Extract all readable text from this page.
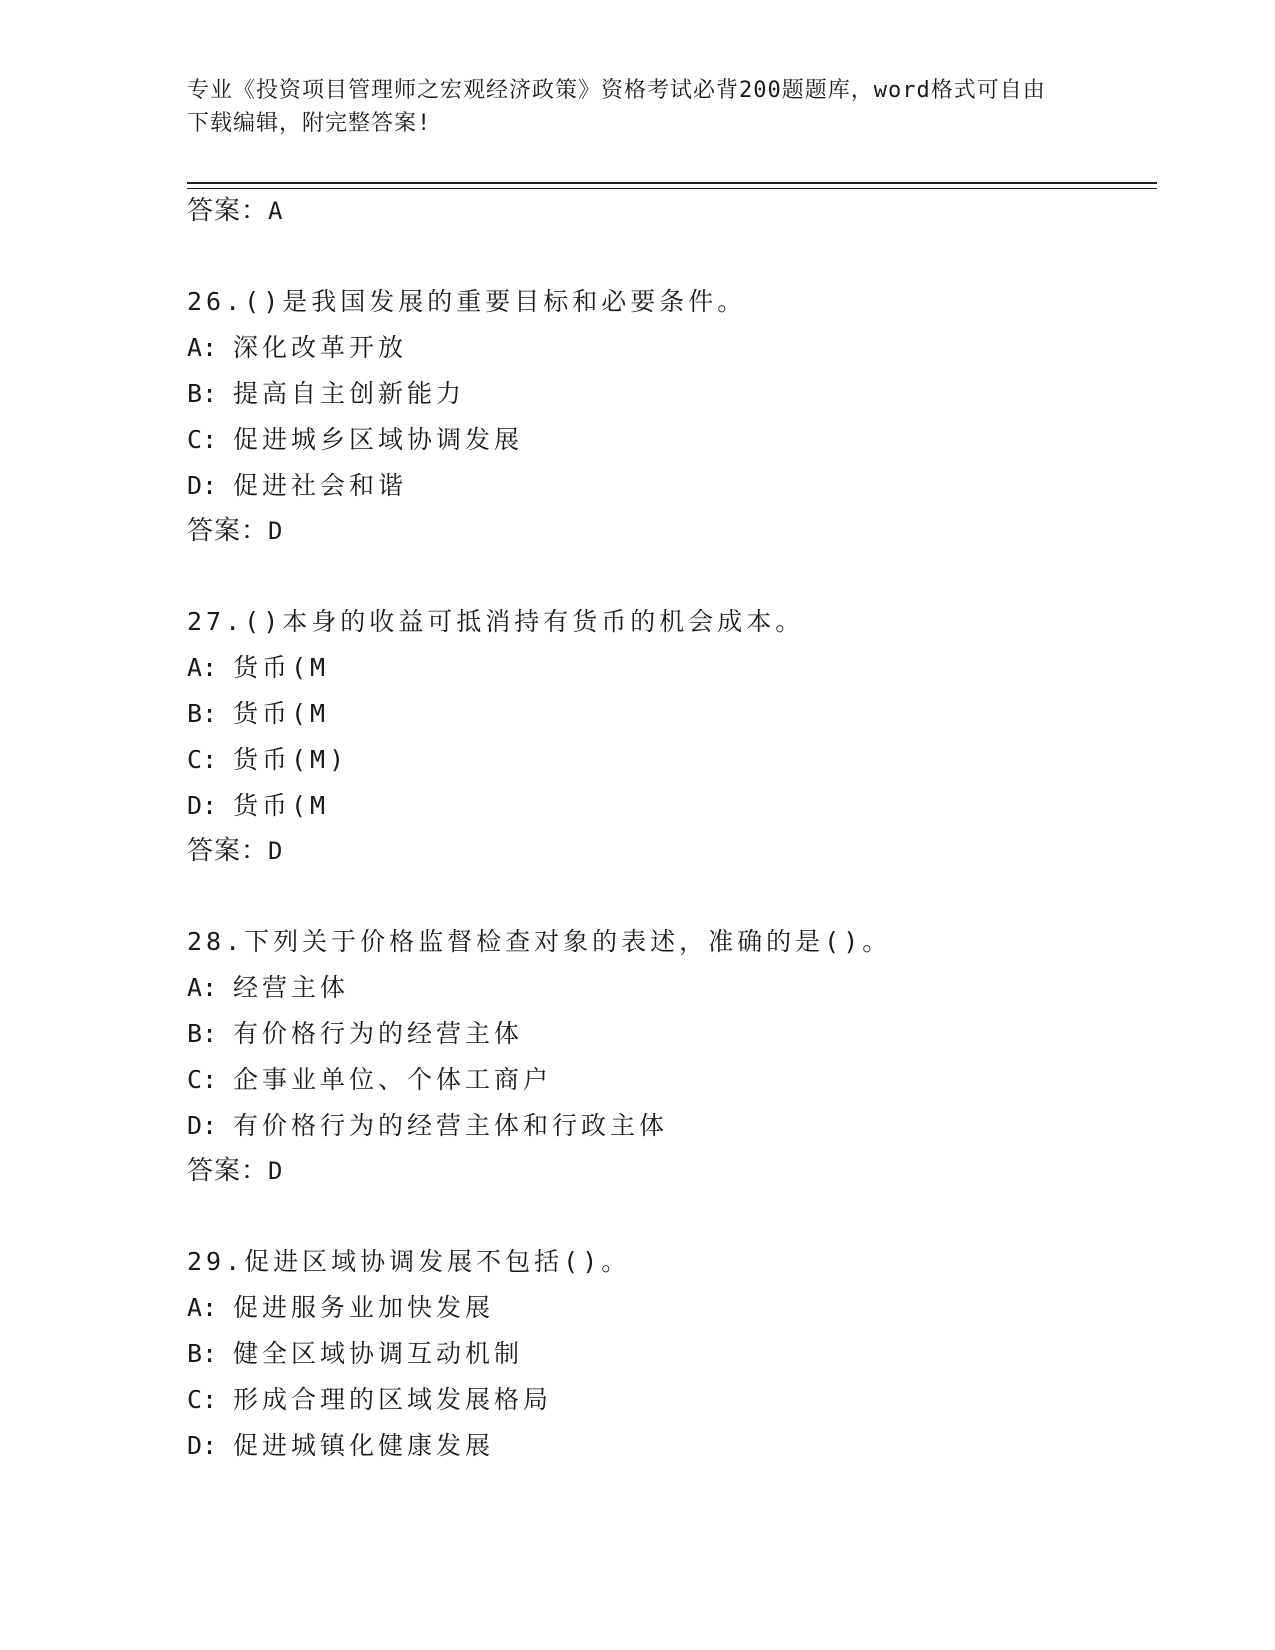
专业《投资项目管理师之宏观经济政策》资格考试必背200题题库，word格式可自由下载编辑，附完整答案!

答案：A

26.()是我国发展的重要目标和必要条件。

A: 深化改革开放

B: 提高自主创新能力

C: 促进城乡区域协调发展

D: 促进社会和谐

答案：D

27.()本身的收益可抵消持有货币的机会成本。

A: 货币(M

B: 货币(M

C: 货币(M)

D: 货币(M

答案：D

28.下列关于价格监督检查对象的表述，准确的是()。

A: 经营主体

B: 有价格行为的经营主体

C: 企事业单位、个体工商户

D: 有价格行为的经营主体和行政主体

答案：D

29.促进区域协调发展不包括()。

A: 促进服务业加快发展

B: 健全区域协调互动机制

C: 形成合理的区域发展格局

D: 促进城镇化健康发展
